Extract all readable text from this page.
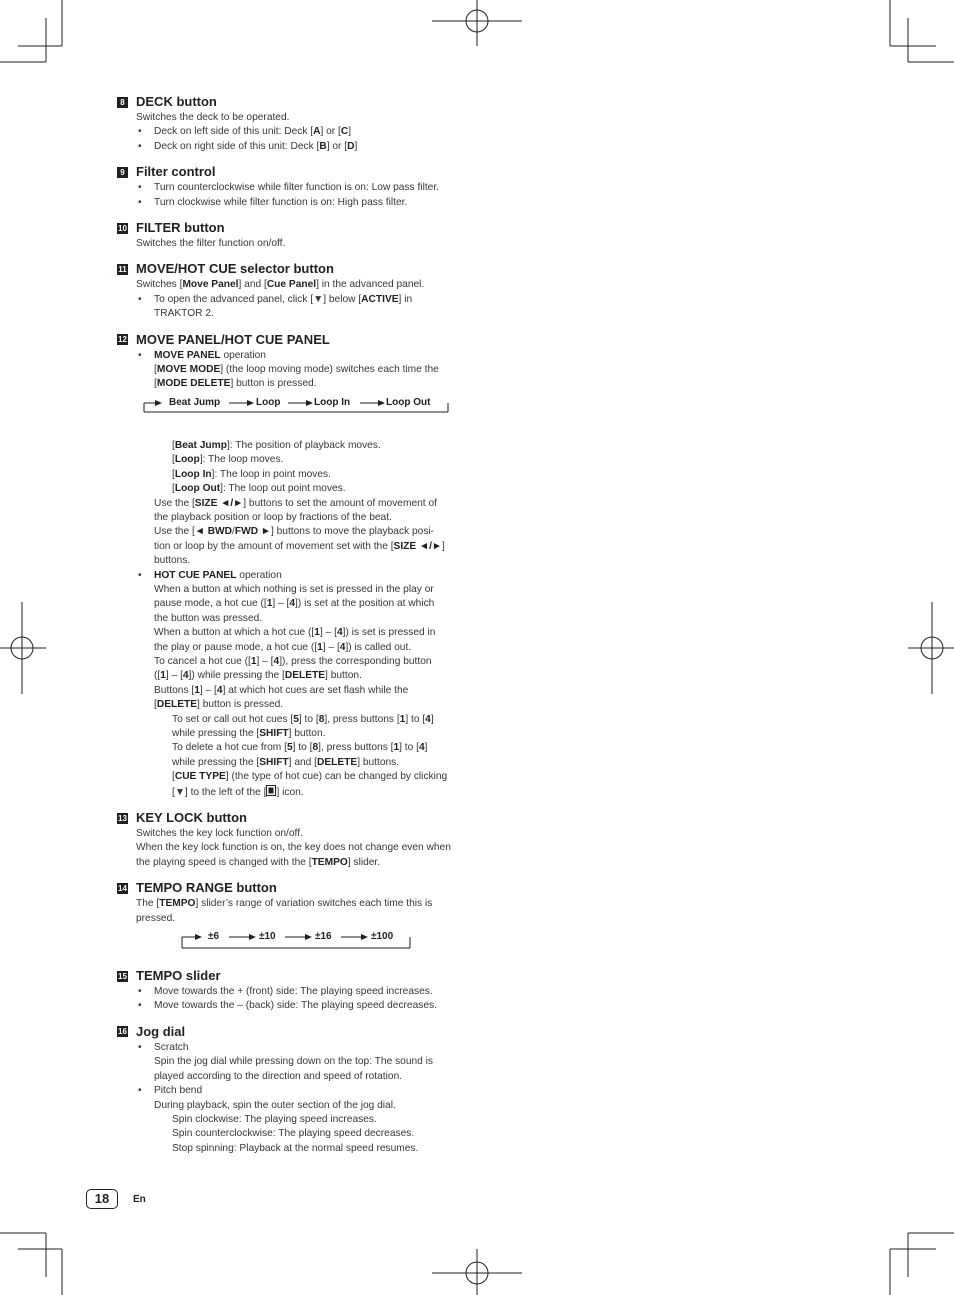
8 DECK button
Switches the deck to be operated.
• Deck on left side of this unit: Deck [A] or [C]
• Deck on right side of this unit: Deck [B] or [D]
9 Filter control
• Turn counterclockwise while filter function is on: Low pass filter.
• Turn clockwise while filter function is on: High pass filter.
10 FILTER button
Switches the filter function on/off.
11 MOVE/HOT CUE selector button
Switches [Move Panel] and [Cue Panel] in the advanced panel.
• To open the advanced panel, click [▼] below [ACTIVE] in
TRAKTOR 2.
12 MOVE PANEL/HOT CUE PANEL
• MOVE PANEL operation
[MOVE MODE] (the loop moving mode) switches each time the
[MODE DELETE] button is pressed.
Beat Jump	Loop	Loop In	Loop Out
[Beat Jump]: The position of playback moves.
[Loop]: The loop moves.
[Loop In]: The loop in point moves.
[Loop Out]: The loop out point moves.
Use the [SIZE ◄/►] buttons to set the amount of movement of
the playback position or loop by fractions of the beat.
Use the [◄ BWD/FWD ►] buttons to move the playback posi-
tion or loop by the amount of movement set with the [SIZE ◄/►]
buttons.
• HOT CUE PANEL operation
When a button at which nothing is set is pressed in the play or
pause mode, a hot cue ([1] – [4]) is set at the position at which
the button was pressed.
When a button at which a hot cue ([1] – [4]) is set is pressed in
the play or pause mode, a hot cue ([1] – [4]) is called out.
To cancel a hot cue ([1] – [4]), press the corresponding button
([1] – [4]) while pressing the [DELETE] button.
Buttons [1] – [4] at which hot cues are set flash while the
[DELETE] button is pressed.
To set or call out hot cues [5] to [8], press buttons [1] to [4]
while pressing the [SHIFT] button.
To delete a hot cue from [5] to [8], press buttons [1] to [4]
while pressing the [SHIFT] and [DELETE] buttons.
[CUE TYPE] (the type of hot cue) can be changed by clicking
[▼] to the left of the [ ] icon.
13 KEY LOCK button
Switches the key lock function on/off.
When the key lock function is on, the key does not change even when
the playing speed is changed with the [TEMPO] slider.
14 TEMPO RANGE button
The [TEMPO] slider’s range of variation switches each time this is
pressed.
±6	±10	±16	±100
15 TEMPO slider
• Move towards the + (front) side: The playing speed increases.
• Move towards the – (back) side: The playing speed decreases.
16 Jog dial
• Scratch
Spin the jog dial while pressing down on the top: The sound is
played according to the direction and speed of rotation.
• Pitch bend
During playback, spin the outer section of the jog dial.
Spin clockwise: The playing speed increases.
Spin counterclockwise: The playing speed decreases.
Stop spinning: Playback at the normal speed resumes.
18	En
